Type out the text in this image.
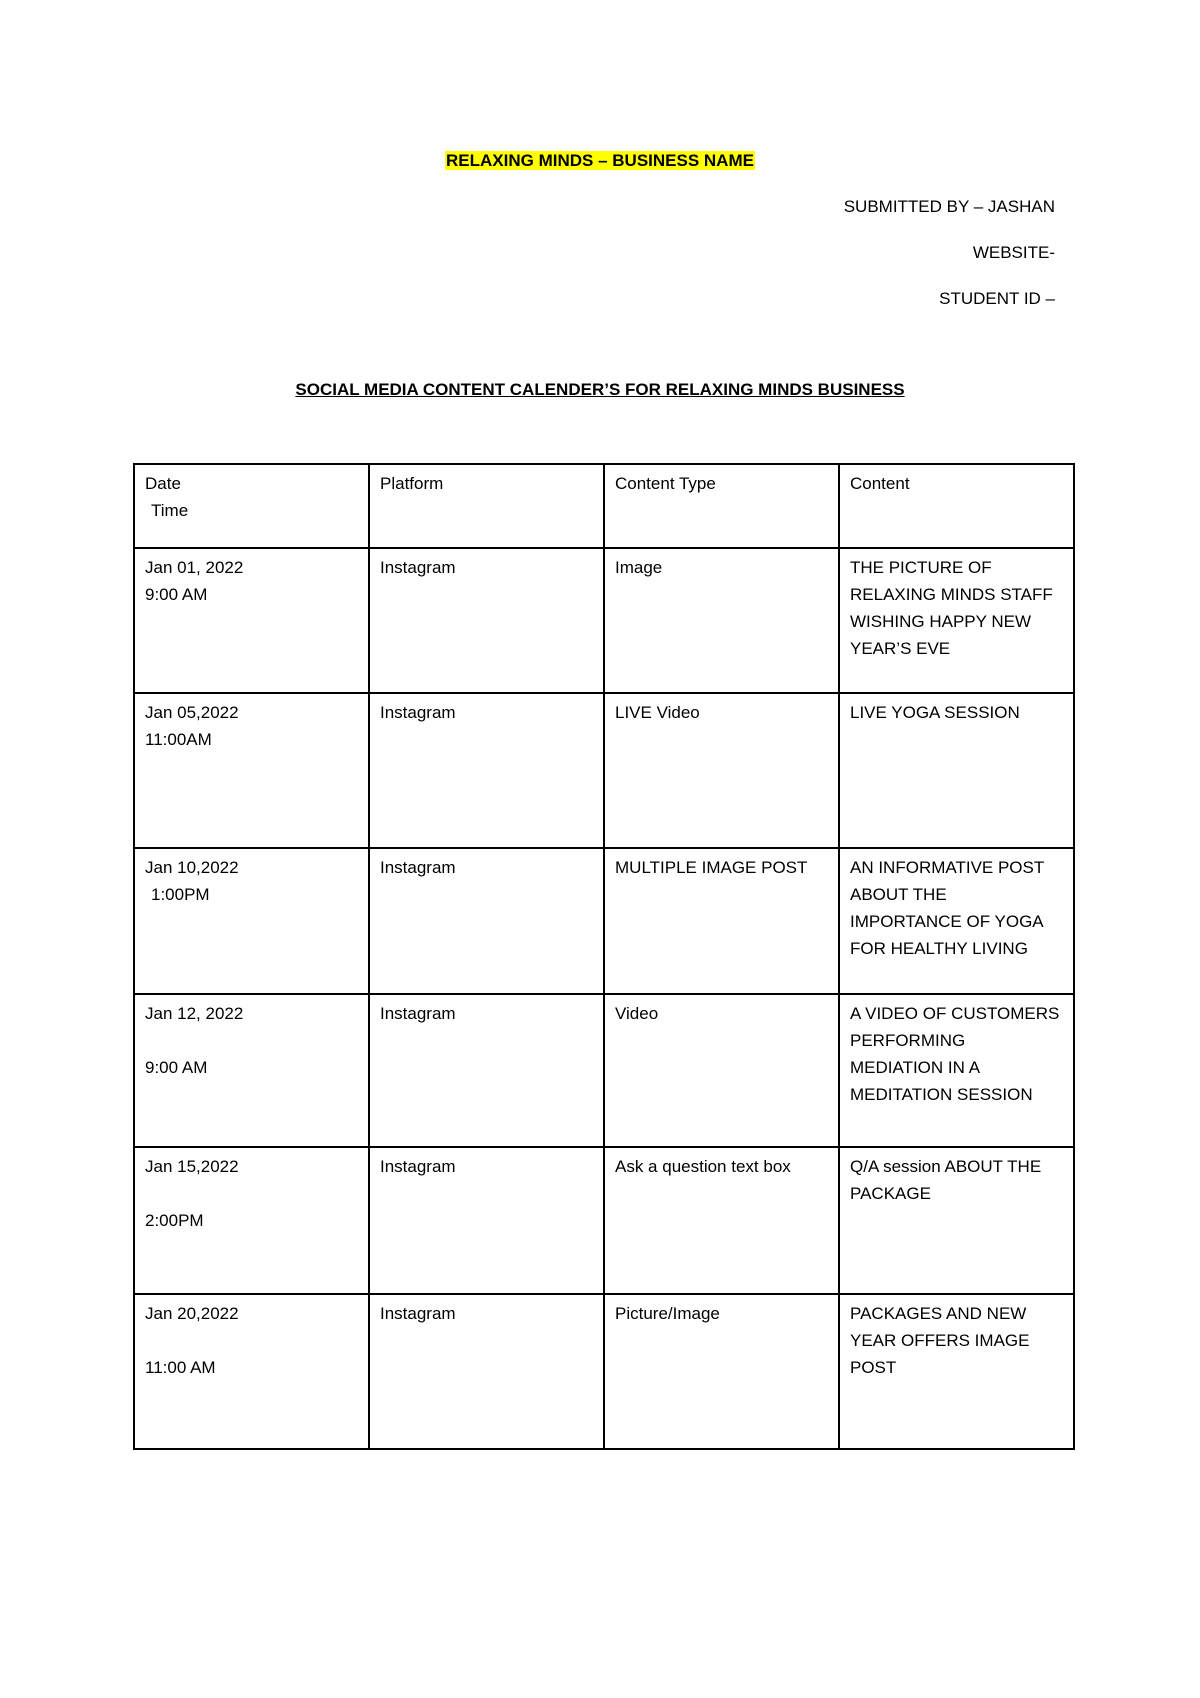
RELAXING MINDS – BUSINESS NAME
SUBMITTED BY – JASHAN
WEBSITE-
STUDENT ID –
SOCIAL MEDIA CONTENT CALENDER’S FOR RELAXING MINDS BUSINESS
Date
Time	Platform	Content Type	Content

Jan 01, 2022
9:00 AM	Instagram	Image	THE PICTURE OF RELAXING MINDS STAFF WISHING HAPPY NEW YEAR’S EVE

Jan 05,2022
11:00AM	Instagram	LIVE Video	LIVE YOGA SESSION

Jan 10,2022
1:00PM	Instagram	MULTIPLE IMAGE POST	AN INFORMATIVE POST ABOUT THE IMPORTANCE OF YOGA FOR HEALTHY LIVING

Jan 12, 2022
9:00 AM	Instagram	Video	A VIDEO OF CUSTOMERS PERFORMING MEDIATION IN A MEDITATION SESSION

Jan 15,2022
2:00PM	Instagram	Ask a question text box	Q/A session ABOUT THE PACKAGE

Jan 20,2022
11:00 AM	Instagram	Picture/Image	PACKAGES AND NEW YEAR OFFERS IMAGE POST
